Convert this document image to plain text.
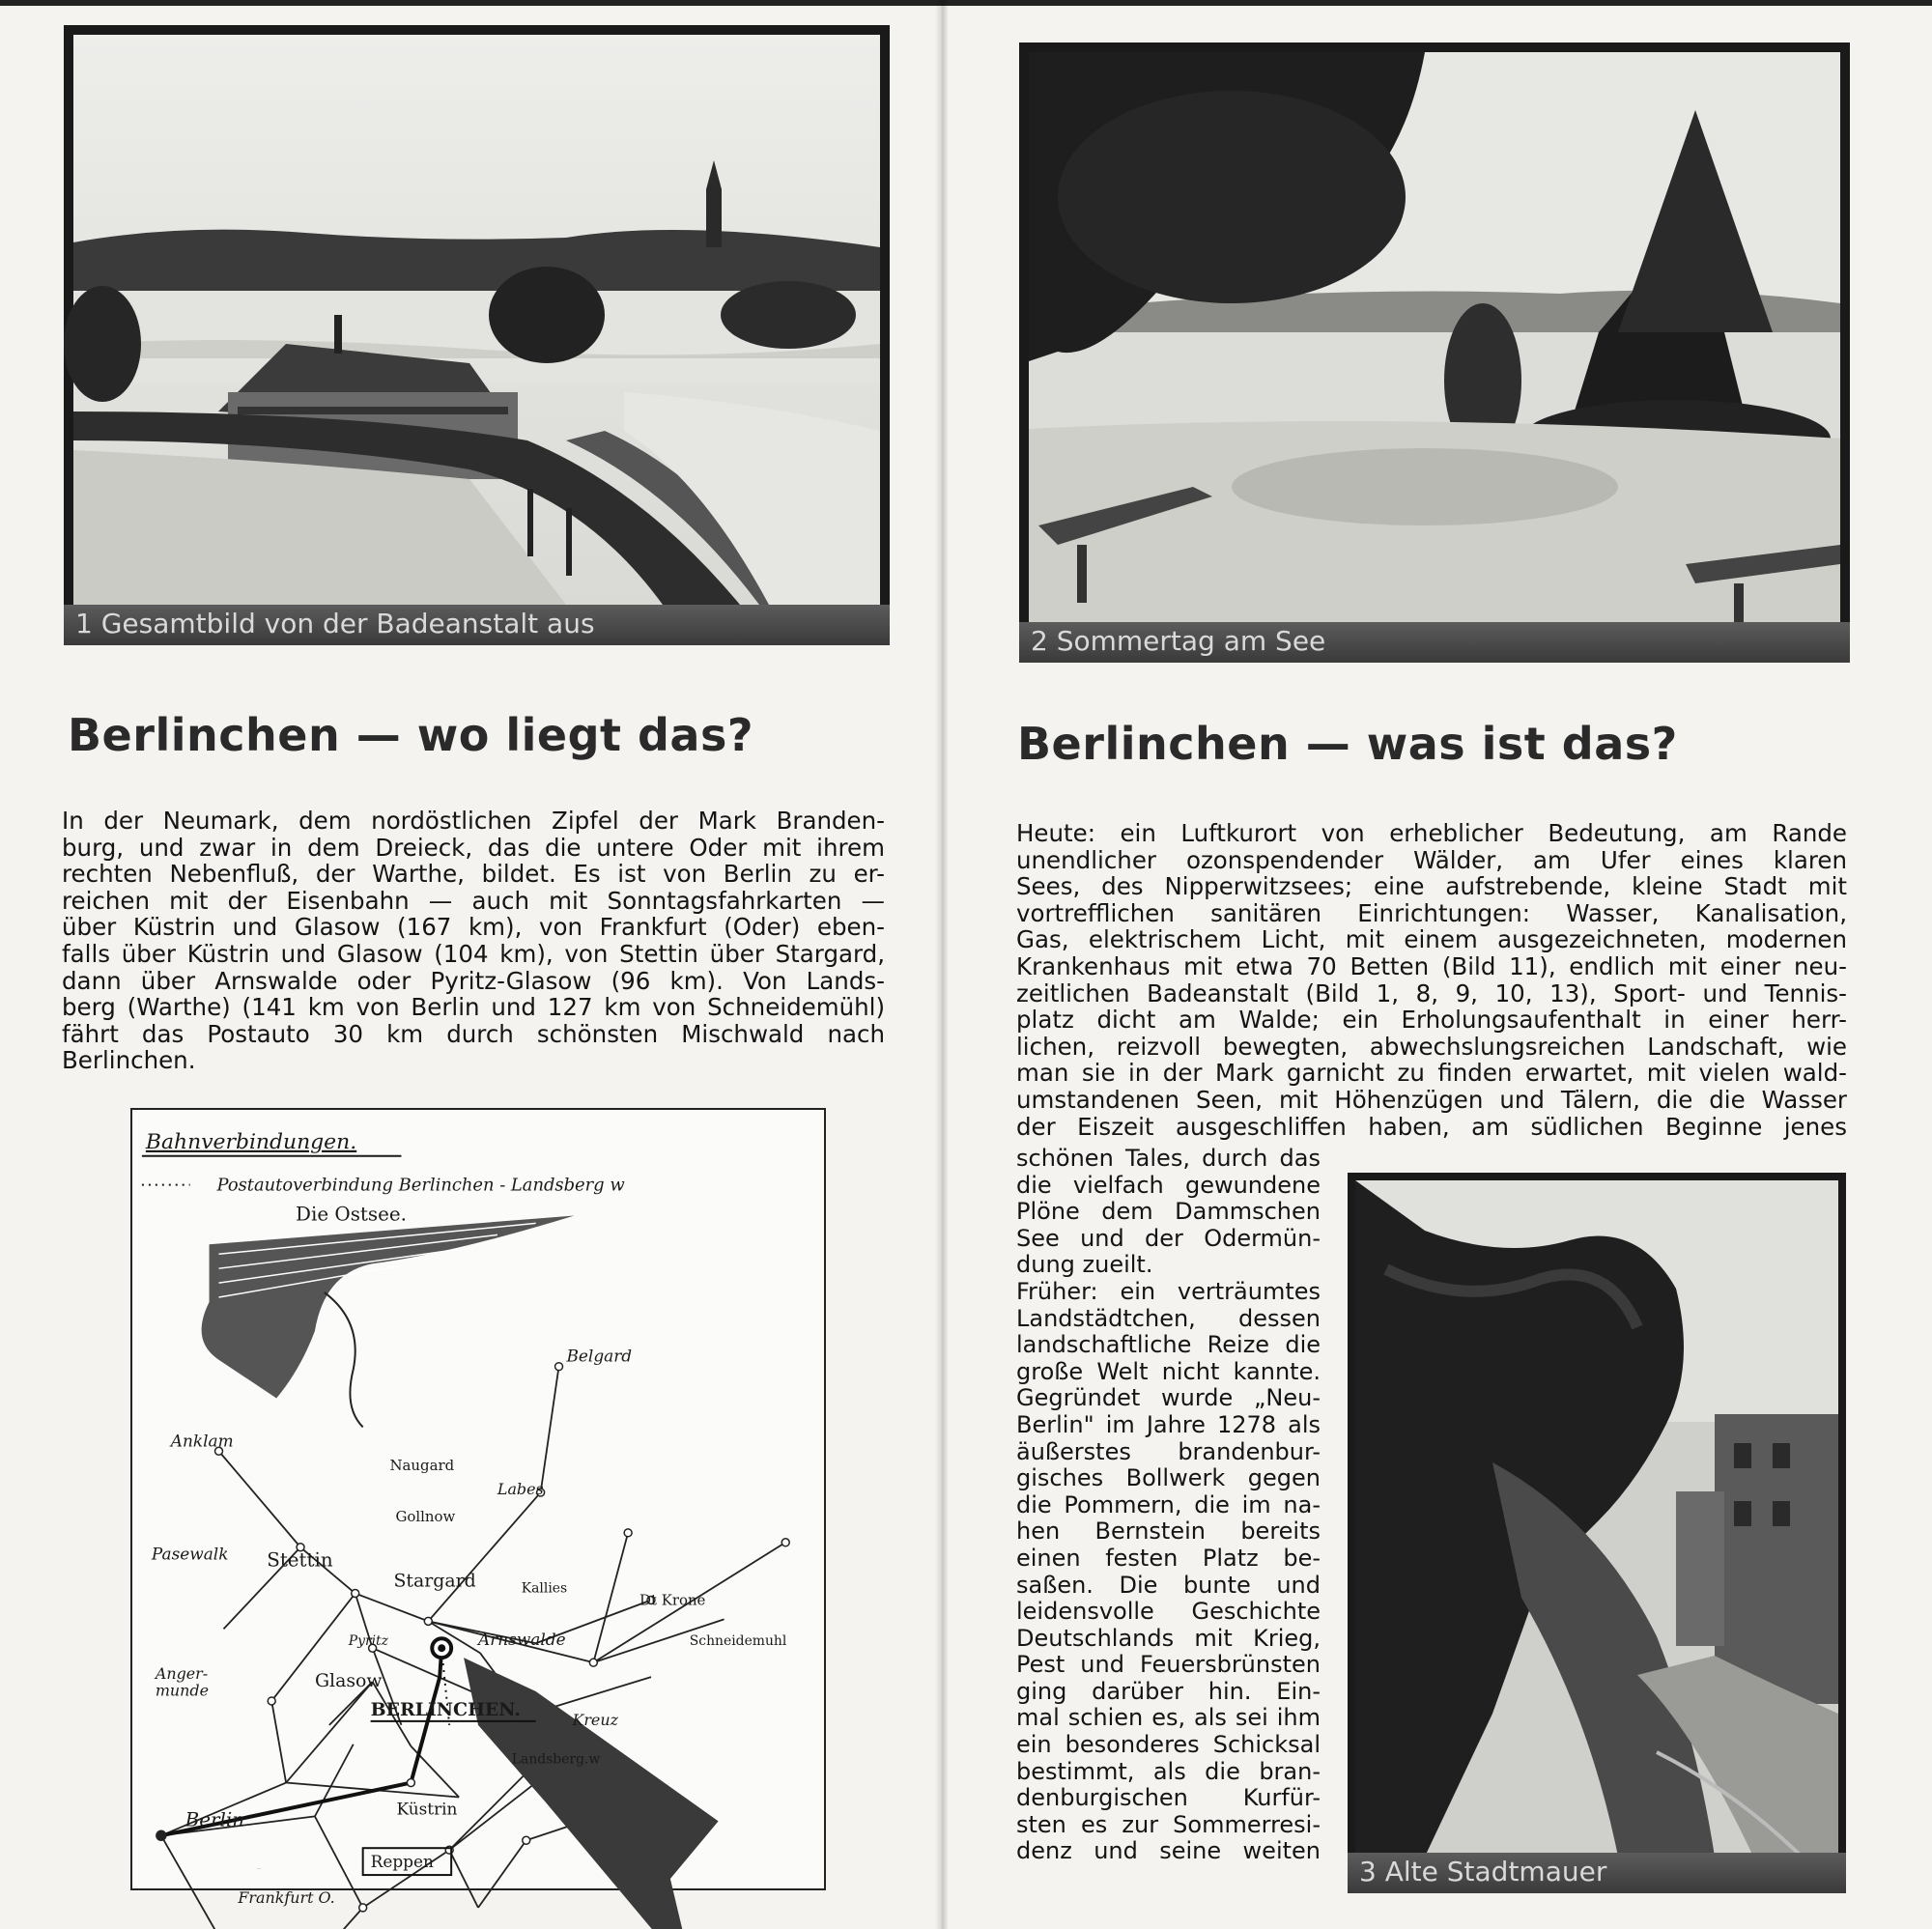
1 Gesamtbild von der Badeanstalt aus
Berlinchen — wo liegt das?
In der Neumark, dem nordöstlichen Zipfel der Mark Branden-
burg, und zwar in dem Dreieck, das die untere Oder mit ihrem
rechten Nebenfluß, der Warthe, bildet. Es ist von Berlin zu er-
reichen mit der Eisenbahn — auch mit Sonntagsfahrkarten —
über Küstrin und Glasow (167 km), von Frankfurt (Oder) eben-
falls über Küstrin und Glasow (104 km), von Stettin über Stargard,
dann über Arnswalde oder Pyritz-Glasow (96 km). Von Lands-
berg (Warthe) (141 km von Berlin und 127 km von Schneidemühl)
fährt das Postauto 30 km durch schönsten Mischwald nach
Berlinchen.
Bahnverbindungen.
Postautoverbindung Berlinchen - Landsberg w
Die Ostsee.
Belgard
Anklam
Naugard
Labes
Gollnow
Pasewalk Stettin
Stargard	Kallies
Dt Krone
Schneidemuhl
Arnswalde
Pyritz
Anger-munde	Glasow
BERLINCHEN.	Kreuz
Landsberg.w
Berlin	Küstrin
Reppen
Frankfurt O.
Cottbus
2 Sommertag am See
Berlinchen — was ist das?
Heute: ein Luftkurort von erheblicher Bedeutung, am Rande
unendlicher ozonspendender Wälder, am Ufer eines klaren
Sees, des Nipperwitzsees; eine aufstrebende, kleine Stadt mit
vortrefflichen sanitären Einrichtungen: Wasser, Kanalisation,
Gas, elektrischem Licht, mit einem ausgezeichneten, modernen
Krankenhaus mit etwa 70 Betten (Bild 11), endlich mit einer neu-
zeitlichen Badeanstalt (Bild 1, 8, 9, 10, 13), Sport- und Tennis-
platz dicht am Walde; ein Erholungsaufenthalt in einer herr-
lichen, reizvoll bewegten, abwechslungsreichen Landschaft, wie
man sie in der Mark garnicht zu finden erwartet, mit vielen wald-
umstandenen Seen, mit Höhenzügen und Tälern, die die Wasser
der Eiszeit ausgeschliffen haben, am südlichen Beginne jenes
schönen Tales, durch das
die vielfach gewundene
Plöne dem Dammschen
See und der Odermün-
dung zueilt.
Früher: ein verträumtes
Landstädtchen, dessen
landschaftliche Reize die
große Welt nicht kannte.
Gegründet wurde „Neu-
Berlin" im Jahre 1278 als
äußerstes brandenbur-
gisches Bollwerk gegen
die Pommern, die im na-
hen Bernstein bereits
einen festen Platz be-
saßen. Die bunte und
leidensvolle Geschichte
Deutschlands mit Krieg,
Pest und Feuersbrünsten
ging darüber hin. Ein-
mal schien es, als sei ihm
ein besonderes Schicksal
bestimmt, als die bran-
denburgischen Kurfür-
sten es zur Sommerresi-
denz und seine weiten
3 Alte Stadtmauer
